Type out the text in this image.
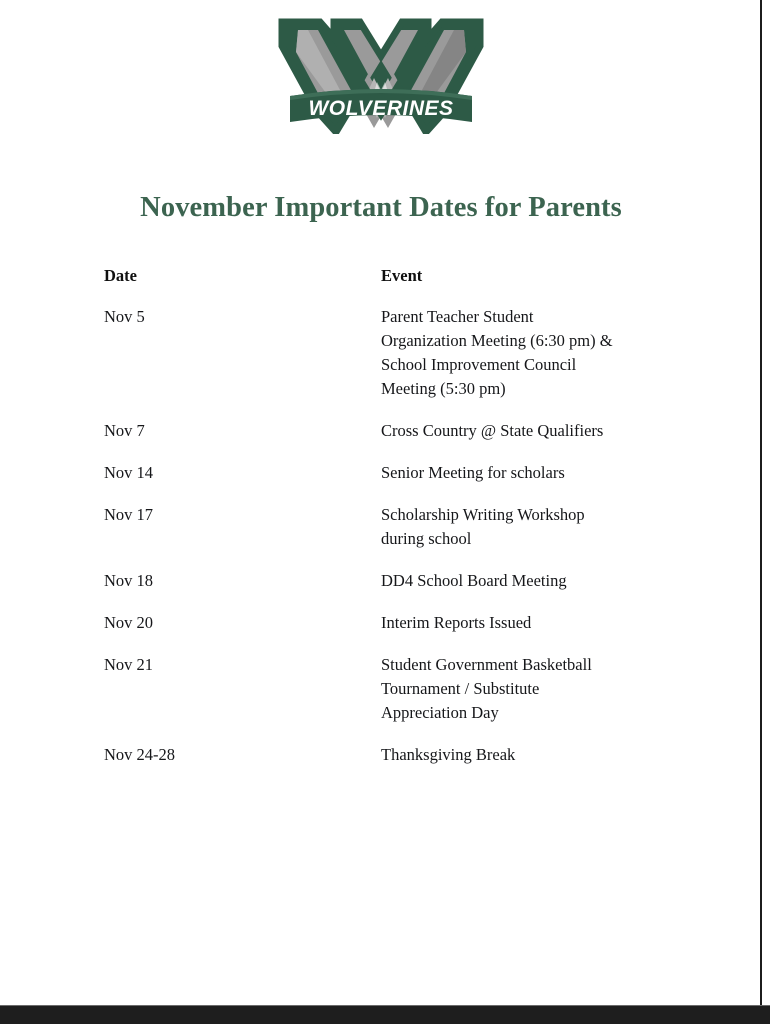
WOLVERINES
November Important Dates for Parents
Date	Event
Nov 5	Parent Teacher Student
Organization Meeting (6:30 pm) &
School Improvement Council
Meeting (5:30 pm)

Nov 7	Cross Country @ State Qualifiers

Nov 14	Senior Meeting for scholars

Nov 17	Scholarship Writing Workshop
during school

Nov 18	DD4 School Board Meeting

Nov 20	Interim Reports Issued

Nov 21	Student Government Basketball
Tournament / Substitute
Appreciation Day

Nov 24-28	Thanksgiving Break
